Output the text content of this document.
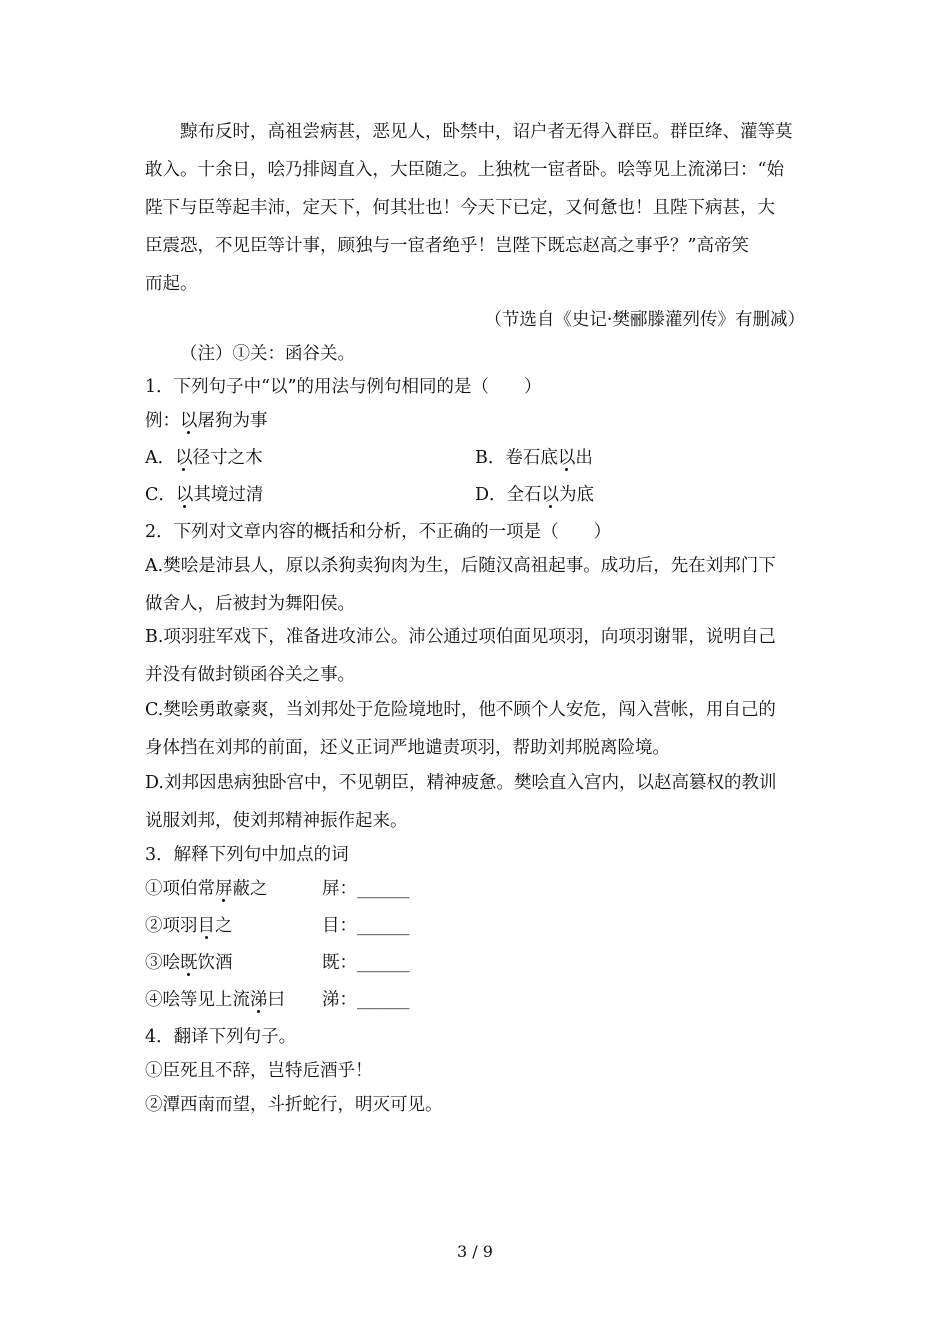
黥布反时，高祖尝病甚，恶见人，卧禁中，诏户者无得入群臣。群臣绛、灌等莫
敢入。十余日，哙乃排闼直入，大臣随之。上独枕一宦者卧。哙等见上流涕曰：“始
陛下与臣等起丰沛，定天下，何其壮也！今天下已定，又何惫也！且陛下病甚，大
臣震恐，不见臣等计事，顾独与一宦者绝乎！岂陛下既忘赵高之事乎？”高帝笑
而起。
（节选自《史记·樊郦滕灌列传》有删减）
（注）①关：函谷关。
1．下列句子中“以”的用法与例句相同的是（　　）
例：以屠狗为事
A．以径寸之木	B．卷石底以出
C．以其境过清	D．全石以为底
2．下列对文章内容的概括和分析，不正确的一项是（　　）
A.樊哙是沛县人，原以杀狗卖狗肉为生，后随汉高祖起事。成功后，先在刘邦门下
做舍人，后被封为舞阳侯。
B.项羽驻军戏下，准备进攻沛公。沛公通过项伯面见项羽，向项羽谢罪，说明自己
并没有做封锁函谷关之事。
C.樊哙勇敢豪爽，当刘邦处于危险境地时，他不顾个人安危，闯入营帐，用自己的
身体挡在刘邦的前面，还义正词严地谴责项羽，帮助刘邦脱离险境。
D.刘邦因患病独卧宫中，不见朝臣，精神疲惫。樊哙直入宫内，以赵高篡权的教训
说服刘邦，使刘邦精神振作起来。
3．解释下列句中加点的词
①项伯常屏蔽之	屏：______
②项羽目之	目：______
③哙既饮酒	既：______
④哙等见上流涕曰	涕：______
4．翻译下列句子。
①臣死且不辞，岂特卮酒乎！
②潭西南而望，斗折蛇行，明灭可见。
3 / 9
